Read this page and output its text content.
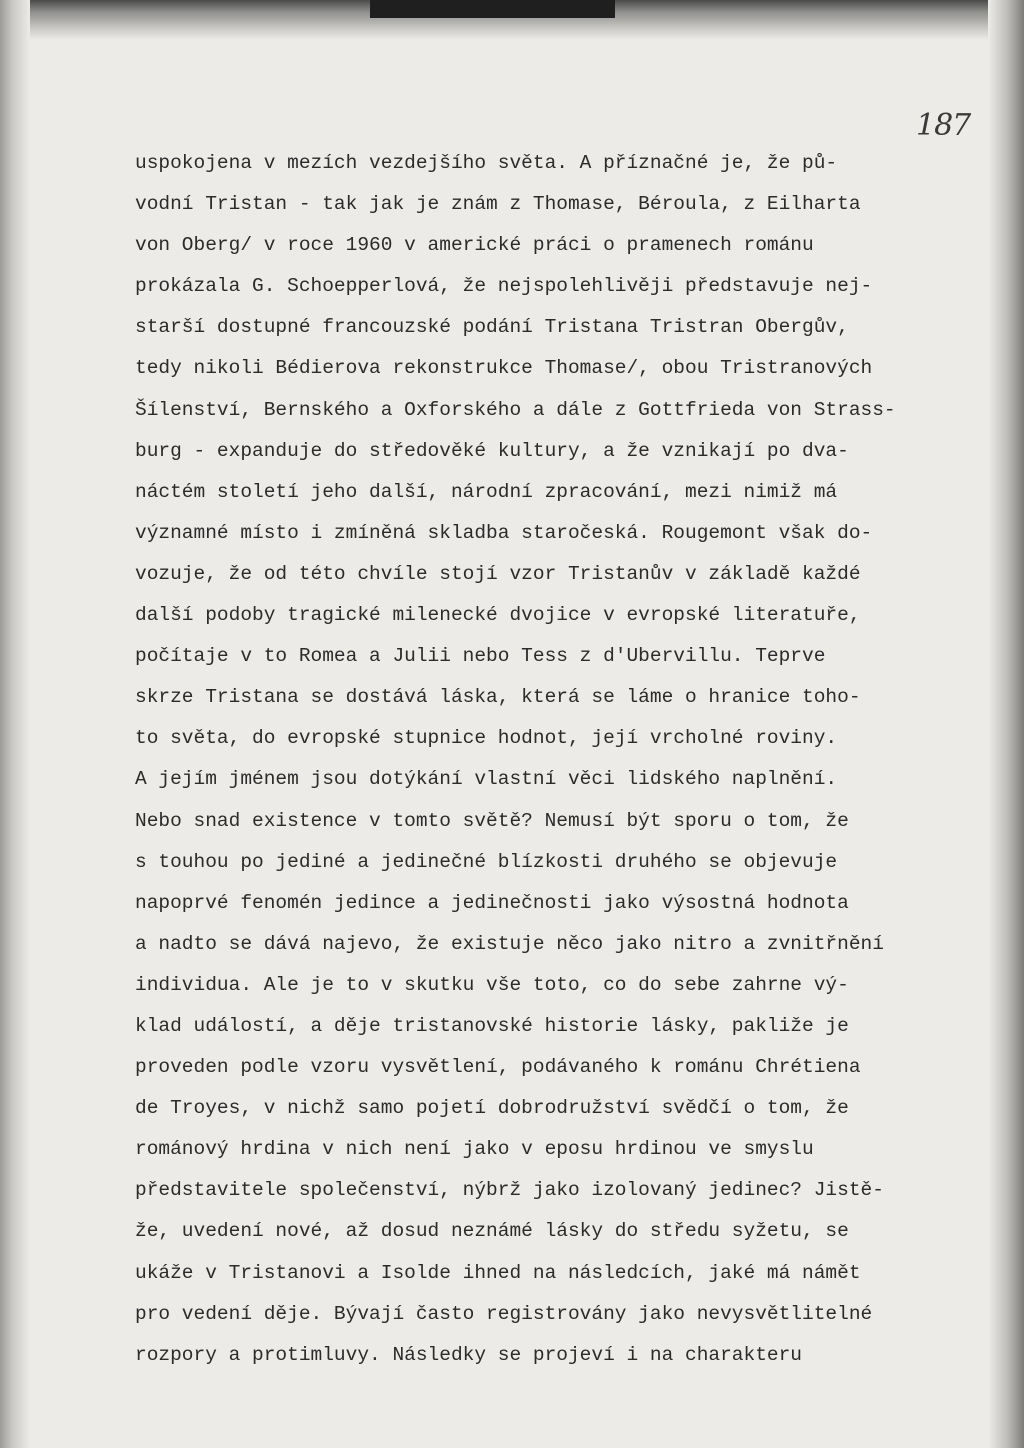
187
uspokojena v mezích vezdejšího světa. A příznačné je, že pů-
vodní Tristan - tak jak je znám z Thomase, Béroula, z Eilharta
von Oberg/ v roce 1960 v americké práci o pramenech románu
prokázala G. Schoepperlová, že nejspolehlivěji představuje nej-
starší dostupné francouzské podání Tristana Tristran Obergův,
tedy nikoli Bédierova rekonstrukce Thomase/, obou Tristranových
Šílenství, Bernského a Oxforského a dále z Gottfrieda von Strass-
burg - expanduje do středověké kultury, a že vznikají po dva-
náctém století jeho další, národní zpracování, mezi nimiž má
významné místo i zmíněná skladba staročeská. Rougemont však do-
vozuje, že od této chvíle stojí vzor Tristanův v základě každé
další podoby tragické milenecké dvojice v evropské literatuře,
počítaje v to Romea a Julii nebo Tess z d'Ubervillu. Teprve
skrze Tristana se dostává láska, která se láme o hranice toho-
to světa, do evropské stupnice hodnot, její vrcholné roviny.
A jejím jménem jsou dotýkání vlastní věci lidského naplnění.
Nebo snad existence v tomto světě? Nemusí být sporu o tom, že
s touhou po jediné a jedinečné blízkosti druhého se objevuje
napoprvé fenomén jedince a jedinečnosti jako výsostná hodnota
a nadto se dává najevo, že existuje něco jako nitro a zvnitřnění
individua. Ale je to v skutku vše toto, co do sebe zahrne vý-
klad událostí, a děje tristanovské historie lásky, pakliže je
proveden podle vzoru vysvětlení, podávaného k románu Chrétiena
de Troyes, v nichž samo pojetí dobrodružství svědčí o tom, že
románový hrdina v nich není jako v eposu hrdinou ve smyslu
představitele společenství, nýbrž jako izolovaný jedinec? Jistě-
že, uvedení nové, až dosud neznámé lásky do středu syžetu, se
ukáže v Tristanovi a Isolde ihned na následcích, jaké má námět
pro vedení děje. Bývají často registrovány jako nevysvětlitelné
rozpory a protimluvy. Následky se projeví i na charakteru
